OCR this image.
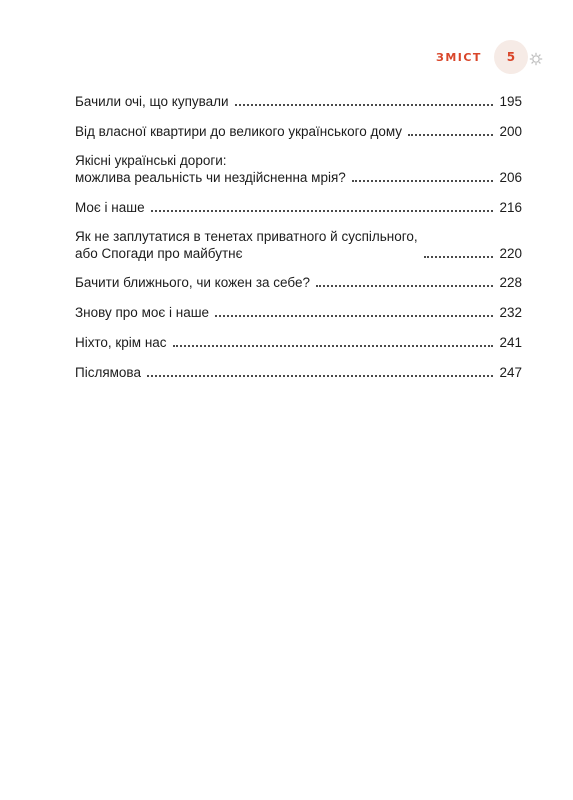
ЗМІСТ	5
Бачили очі, що купували	195
Від власної квартири до великого українського дому	200
Якісні українські дороги:
можлива реальність чи нездійсненна мрія?	206
Моє і наше	216
Як не заплутатися в тенетах приватного й суспільного,
або Спогади про майбутнє	220
Бачити ближнього, чи кожен за себе?	228
Знову про моє і наше	232
Ніхто, крім нас	241
Післямова	247
